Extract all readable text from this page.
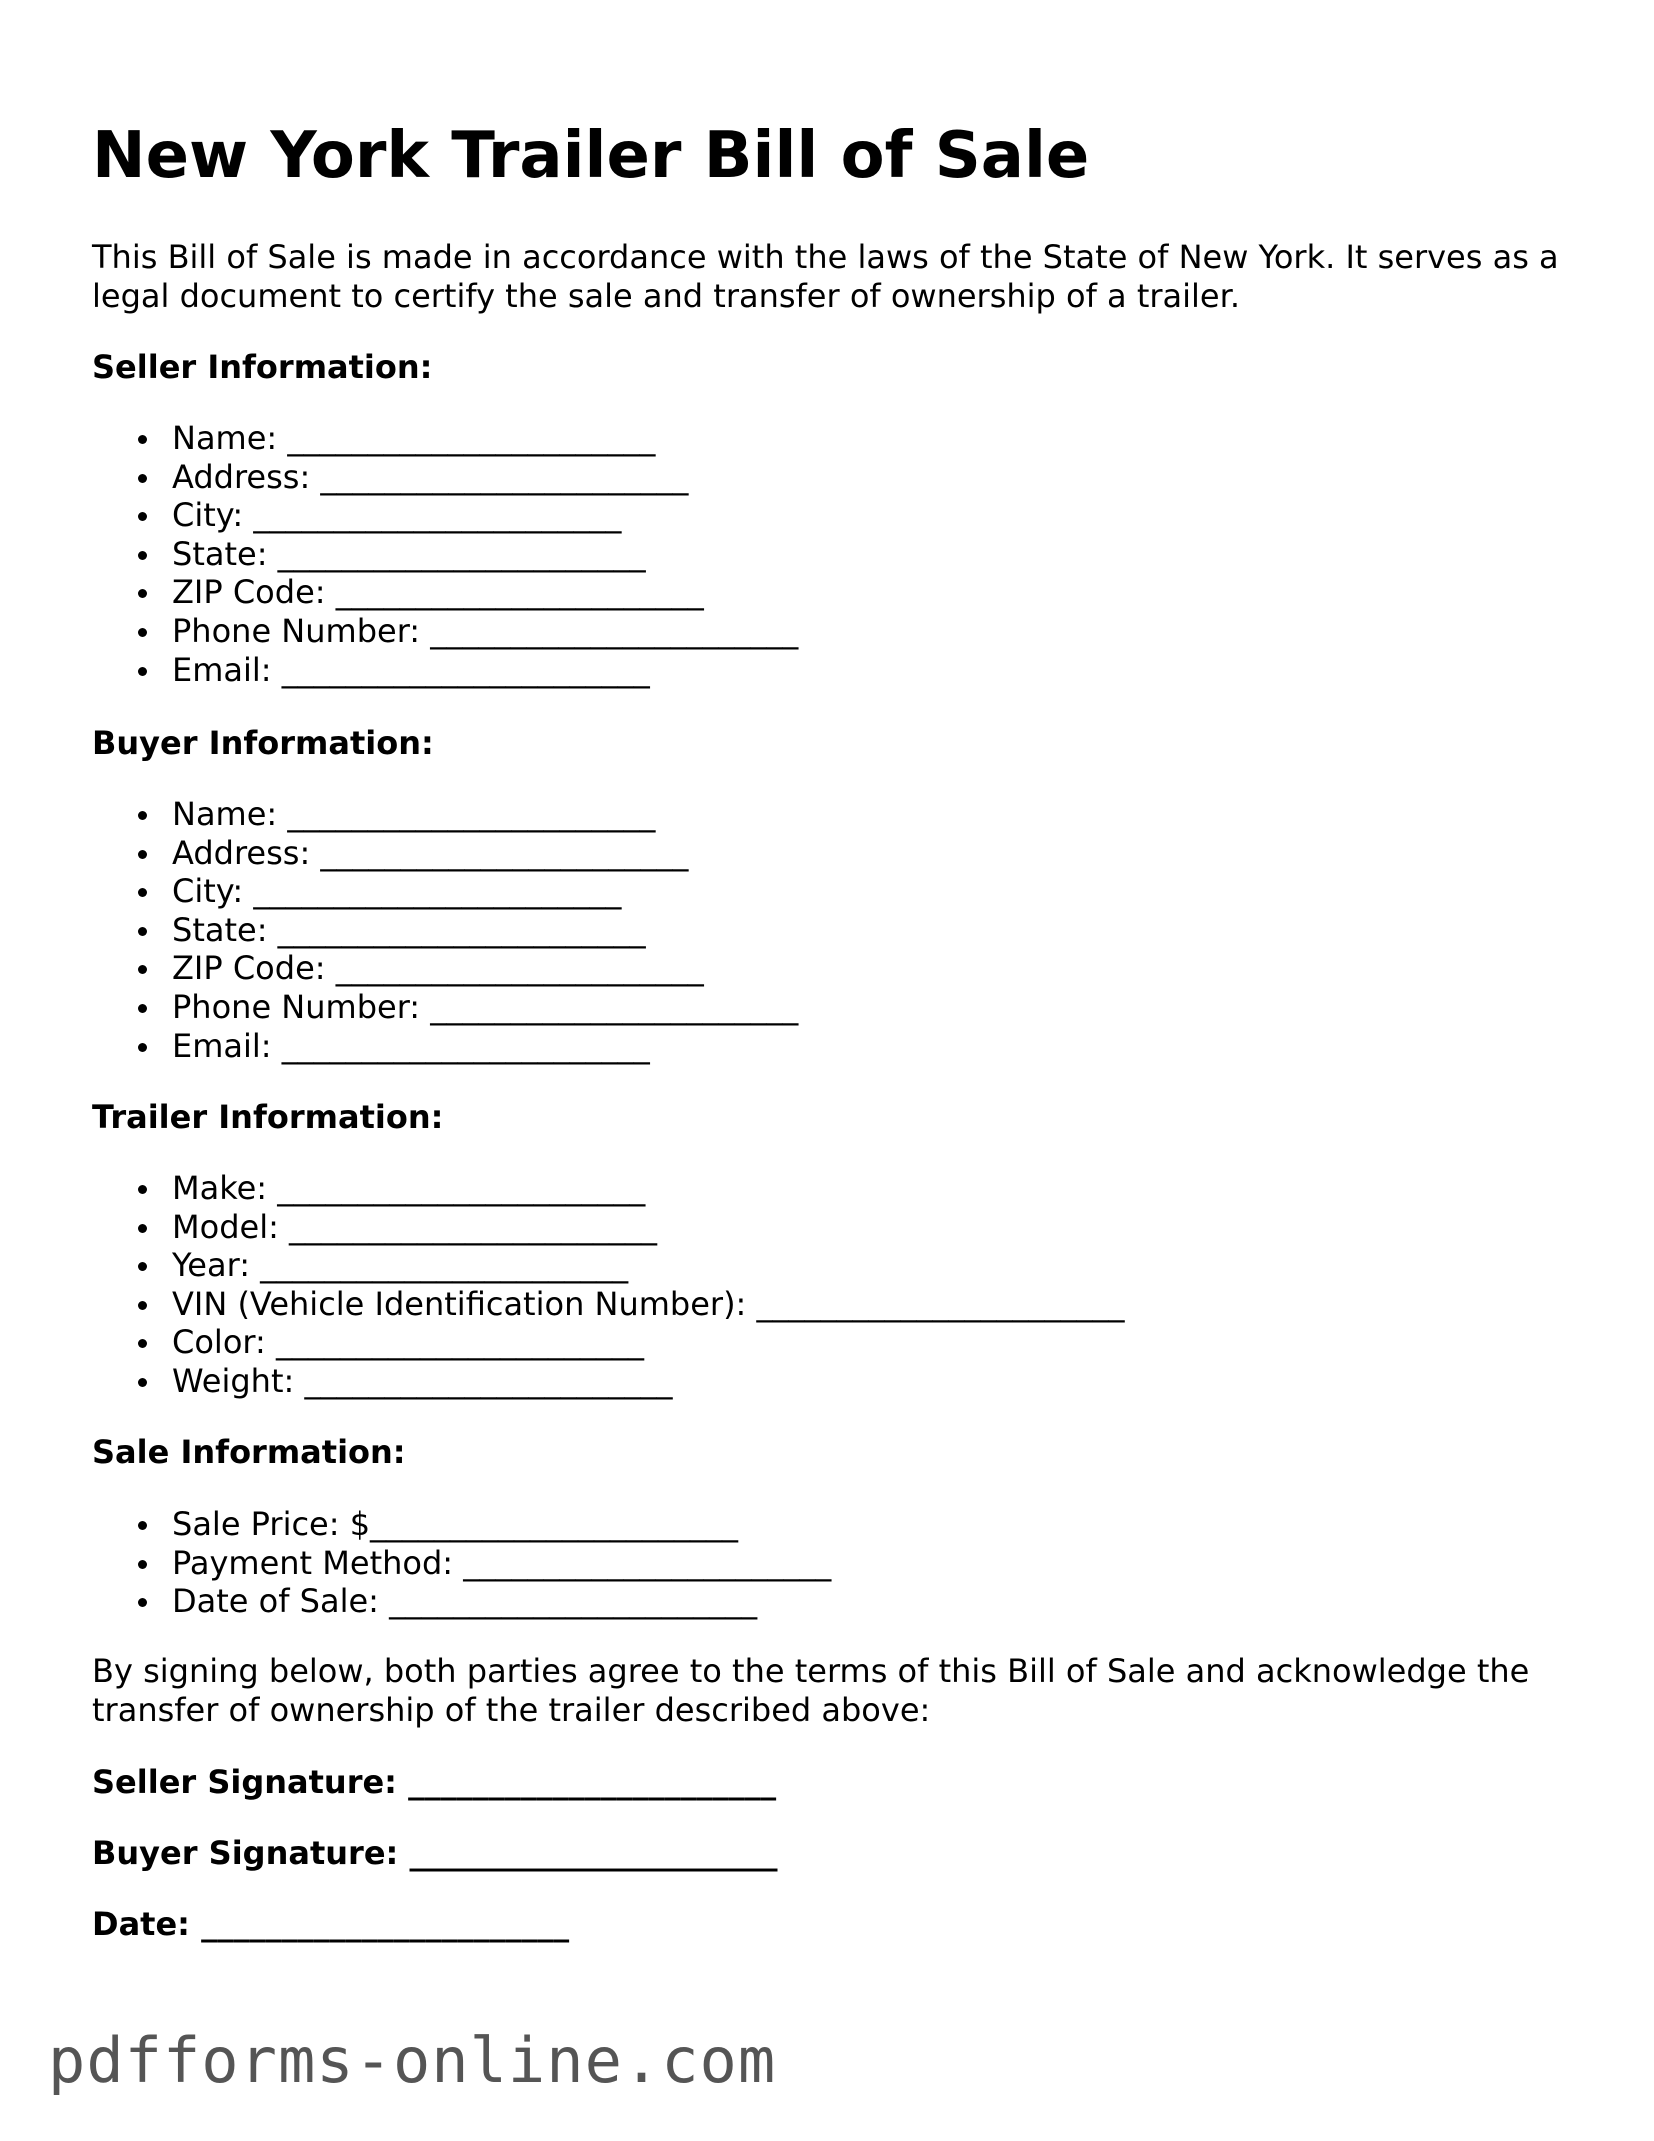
New York Trailer Bill of Sale

This Bill of Sale is made in accordance with the laws of the State of New York. It serves as a legal document to certify the sale and transfer of ownership of a trailer.

Seller Information:

Name: _______________________
Address: _______________________
City: _______________________
State: _______________________
ZIP Code: _______________________
Phone Number: _______________________
Email: _______________________

Buyer Information:

Name: _______________________
Address: _______________________
City: _______________________
State: _______________________
ZIP Code: _______________________
Phone Number: _______________________
Email: _______________________

Trailer Information:

Make: _______________________
Model: _______________________
Year: _______________________
VIN (Vehicle Identification Number): _______________________
Color: _______________________
Weight: _______________________

Sale Information:

Sale Price: $_______________________
Payment Method: _______________________
Date of Sale: _______________________

By signing below, both parties agree to the terms of this Bill of Sale and acknowledge the transfer of ownership of the trailer described above:

Seller Signature: _______________________

Buyer Signature: _______________________

Date: _______________________

pdfforms-online.com
